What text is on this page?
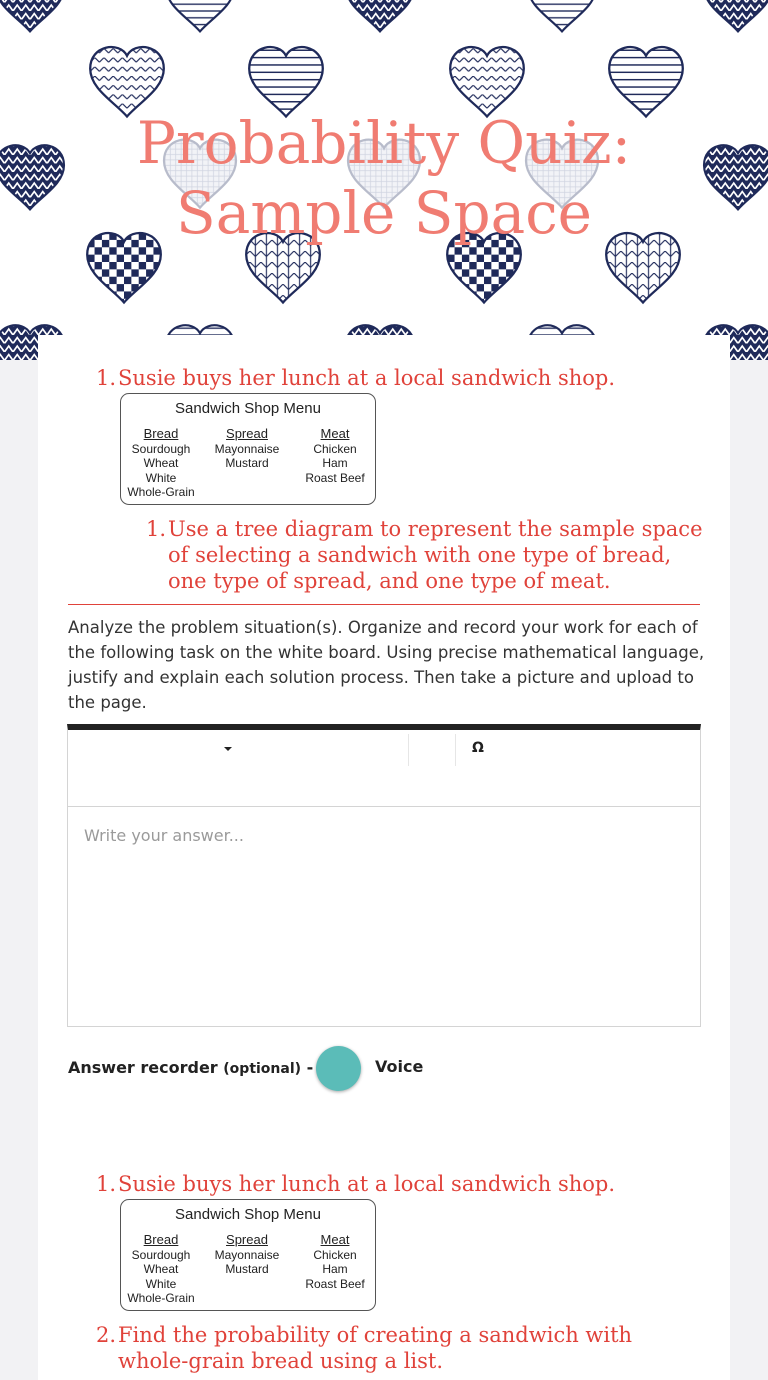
Probability Quiz:
Sample Space
1. Susie buys her lunch at a local sandwich shop.
Sandwich Shop Menu
Bread
Sourdough
Wheat
White
Whole-Grain
Spread
Mayonnaise
Mustard
Meat
Chicken
Ham
Roast Beef
1. Use a tree diagram to represent the sample space
of selecting a sandwich with one type of bread,
one type of spread, and one type of meat.
Analyze the problem situation(s). Organize and record your work for each of the following task on the white board. Using precise mathematical language, justify and explain each solution process. Then take a picture and upload to the page.
Ω
Write your answer...
Answer recorder (optional) -	Voice
1. Susie buys her lunch at a local sandwich shop.
Sandwich Shop Menu
Bread
Sourdough
Wheat
White
Whole-Grain
Spread
Mayonnaise
Mustard
Meat
Chicken
Ham
Roast Beef
2. Find the probability of creating a sandwich with
whole-grain bread using a list.
